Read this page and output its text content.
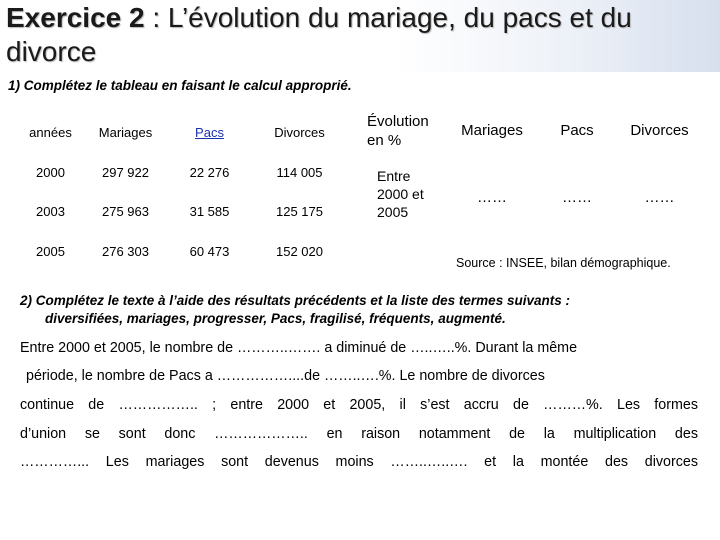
Exercice 2 : L’évolution du mariage, du pacs et du divorce
1) Complétez le tableau en faisant le calcul approprié.
années	Mariages	Pacs	Divorces
2000	297 922	22 276	114 005
2003	275 963	31 585	125 175
2005	276 303	60 473	152 020
Évolution en %	Mariages	Pacs	Divorces
Entre 2000 et 2005	……	……	……
Source : INSEE, bilan démographique.
2) Complétez le texte à l’aide des résultats précédents et la liste des termes suivants :
diversifiées, mariages, progresser, Pacs, fragilisé, fréquents, augmenté.
Entre 2000 et 2005, le nombre de ………..……. a diminué de …..…..%. Durant la même
période, le nombre de Pacs a ……………....de ……..….%. Le nombre de divorces
continue de …………….. ; entre 2000 et 2005, il s’est accru de ………%. Les formes
d’union se sont donc ……………….. en raison notamment de la multiplication des
…………... Les mariages sont devenus moins ……..…..…. et la montée des divorces
